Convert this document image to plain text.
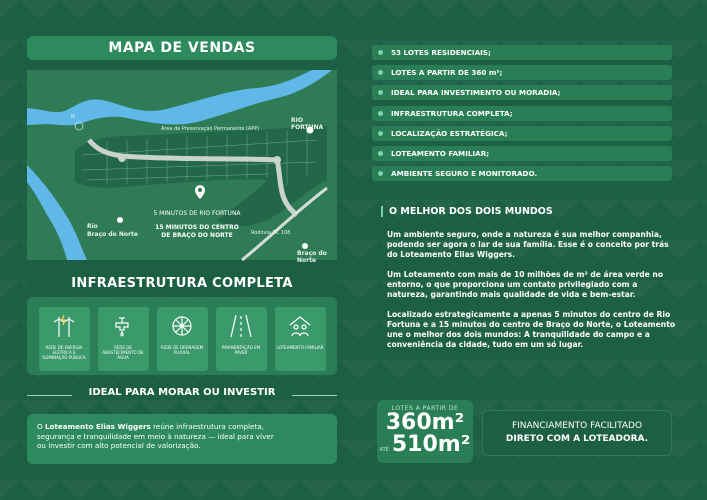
MAPA DE VENDAS
N
Área de Preservação Permanente (APP)
RIO FORTUNA
Rio
Braço do Norte
5 MINUTOS DE RIO FORTUNA
15 MINUTOS DO CENTRO
DE BRAÇO DO NORTE	Rodovia SC 108
Braço do Norte
INFRAESTRUTURA COMPLETA
REDE DE ENERGIA ELÉTRICA E ILUMINAÇÃO PÚBLICA
REDE DE ABASTECIMENTO DE ÁGUA
REDE DE DRENAGEM PLUVIAL
PAVIMENTAÇÃO EM PAVER
LOTEAMENTO FAMILIAR
IDEAL PARA MORAR OU INVESTIR
O Loteamento Elias Wiggers reúne infraestrutura completa,
segurança e tranquilidade em meio à natureza — ideal para viver
ou investir com alto potencial de valorização.
53 LOTES RESIDENCIAIS;
LOTES A PARTIR DE 360 m²;
IDEAL PARA INVESTIMENTO OU MORADIA;
INFRAESTRUTURA COMPLETA;
LOCALIZAÇÃO ESTRATÉGICA;
LOTEAMENTO FAMILIAR;
AMBIENTE SEGURO E MONITORADO.
O MELHOR DOS DOIS MUNDOS

Um ambiente seguro, onde a natureza é sua melhor companhia, podendo ser agora o lar de sua família. Esse é o conceito por trás do Loteamento Elias Wiggers.

Um Loteamento com mais de 10 milhões de m² de área verde no entorno, o que proporciona um contato privilegiado com a natureza, garantindo mais qualidade de vida e bem-estar.

Localizado estrategicamente a apenas 5 minutos do centro de Rio Fortuna e a 15 minutos do centro de Braço do Norte, o Loteamento une o melhor dos dois mundos: A tranquilidade do campo e a conveniência da cidade, tudo em um só lugar.

LOTES A PARTIR DE
360m²
ATÉ 510m²
FINANCIAMENTO FACILITADO
DIRETO COM A LOTEADORA.
